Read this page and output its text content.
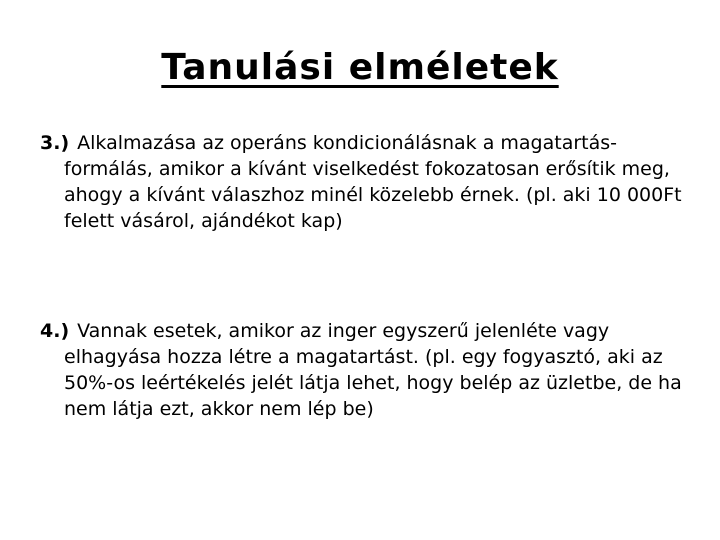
Tanulási elméletek
3.) Alkalmazása az operáns kondicionálásnak a magatartás-formálás, amikor a kívánt viselkedést fokozatosan erősítik meg, ahogy a kívánt válaszhoz minél közelebb érnek. (pl. aki 10 000Ft felett vásárol, ajándékot kap)
4.) Vannak esetek, amikor az inger egyszerű jelenléte vagy elhagyása hozza létre a magatartást. (pl. egy fogyasztó, aki az 50%-os leértékelés jelét látja lehet, hogy belép az üzletbe, de ha nem látja ezt, akkor nem lép be)
